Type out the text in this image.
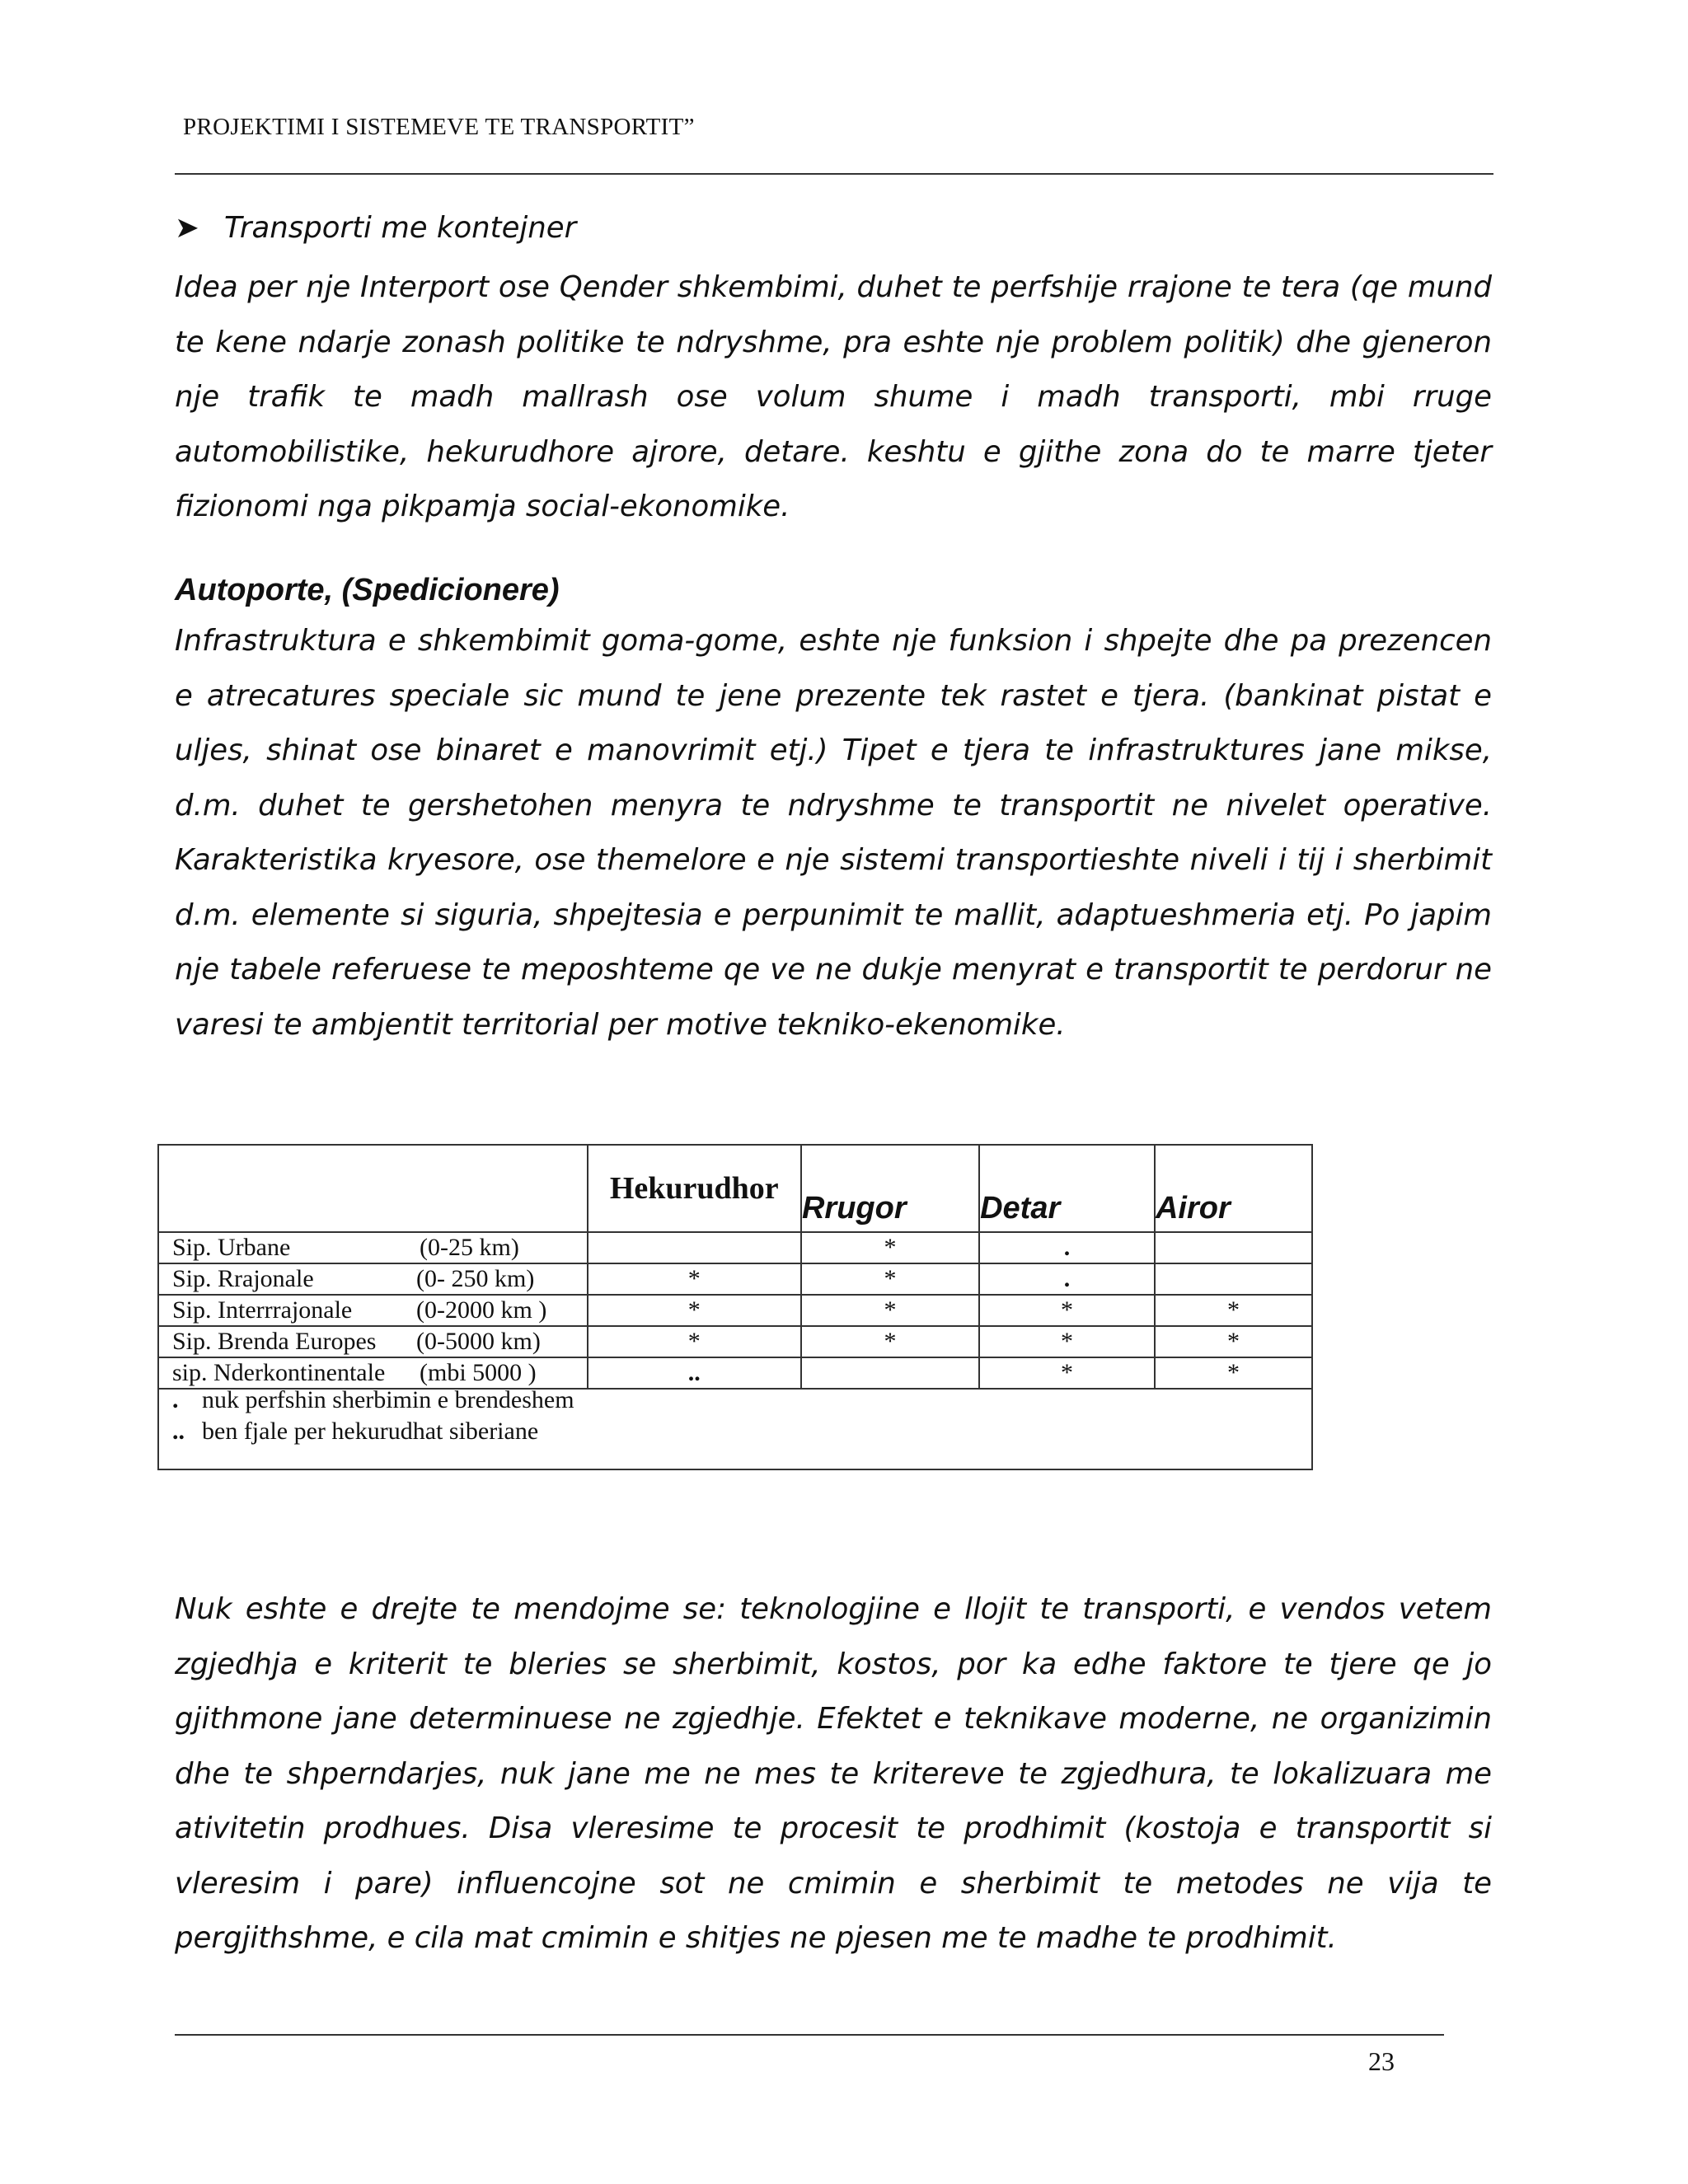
PROJEKTIMI I SISTEMEVE TE TRANSPORTIT”
➤ Transporti me kontejner

Idea per nje Interport ose Qender shkembimi, duhet te perfshije rrajone te tera (qe mund te kene ndarje zonash politike te ndryshme, pra eshte nje problem politik) dhe gjeneron nje trafik te madh mallrash ose volum shume i madh transporti, mbi rruge automobilistike, hekurudhore ajrore, detare. keshtu e gjithe zona do te marre tjeter fizionomi nga pikpamja social-ekonomike.

Autoporte, (Spedicionere)

Infrastruktura e shkembimit goma-gome, eshte nje funksion i shpejte dhe pa prezencen e atrecatures speciale sic mund te jene prezente tek rastet e tjera. (bankinat pistat e uljes, shinat ose binaret e manovrimit etj.) Tipet e tjera te infrastruktures jane mikse, d.m. duhet te gershetohen menyra te ndryshme te transportit ne nivelet operative. Karakteristika kryesore, ose themelore e nje sistemi transportieshte niveli i tij i sherbimit d.m. elemente si siguria, shpejtesia e perpunimit te mallit, adaptueshmeria etj. Po japim nje tabele referuese te meposhteme qe ve ne dukje menyrat e transportit te perdorur ne varesi te ambjentit territorial per motive tekniko-ekenomike.

	Hekurudhor	Rrugor	Detar	Airor
Sip. Urbane (0-25 km)		*	.	
Sip. Rrajonale (0- 250 km)	*	*	.	
Sip. Interrrajonale (0-2000 km )	*	*	*	*
Sip. Brenda Europes (0-5000 km)	*	*	*	*
sip. Nderkontinentale (mbi 5000 )	..		*	*
. nuk perfshin sherbimin e brendeshem
.. ben fjale per hekurudhat siberiane

Nuk eshte e drejte te mendojme se: teknologjine e llojit te transporti, e vendos vetem zgjedhja e kriterit te bleries se sherbimit, kostos, por ka edhe faktore te tjere qe jo gjithmone jane determinuese ne zgjedhje. Efektet e teknikave moderne, ne organizimin dhe te shperndarjes, nuk jane me ne mes te kritereve te zgjedhura, te lokalizuara me ativitetin prodhues. Disa vleresime te procesit te prodhimit (kostoja e transportit si vleresim i pare) influencojne sot ne cmimin e sherbimit te metodes ne vija te pergjithshme, e cila mat cmimin e shitjes ne pjesen me te madhe te prodhimit.

23
